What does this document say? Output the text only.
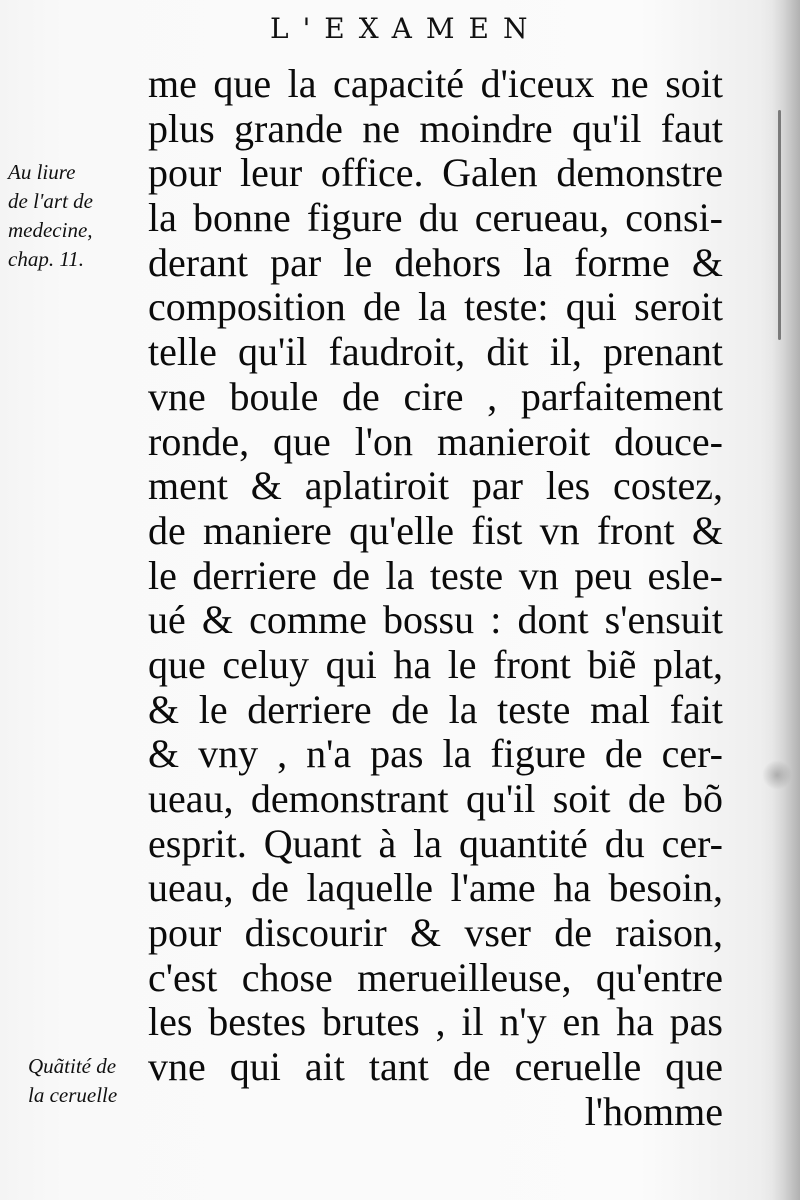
L'EXAMEN
Au liure
de l'art de
medecine,
chap. 11.
me que la capacité d'iceux ne soit
plus grande ne moindre qu'il faut
pour leur office. Galen demonstre
la bonne figure du cerueau, consi-
derant par le dehors la forme &
composition de la teste: qui seroit
telle qu'il faudroit, dit il, prenant
vne boule de cire , parfaitement
ronde, que l'on manieroit douce-
ment & aplatiroit par les costez,
de maniere qu'elle fist vn front &
le derriere de la teste vn peu esle-
ué & comme bossu : dont s'ensuit
que celuy qui ha le front biẽ plat,
& le derriere de la teste mal fait
& vny , n'a pas la figure de cer-
ueau, demonstrant qu'il soit de bõ
esprit. Quant à la quantité du cer-
ueau, de laquelle l'ame ha besoin,
pour discourir & vser de raison,
c'est chose merueilleuse, qu'entre
les bestes brutes , il n'y en ha pas
vne qui ait tant de ceruelle que
l'homme
Quãtité de
la ceruelle
